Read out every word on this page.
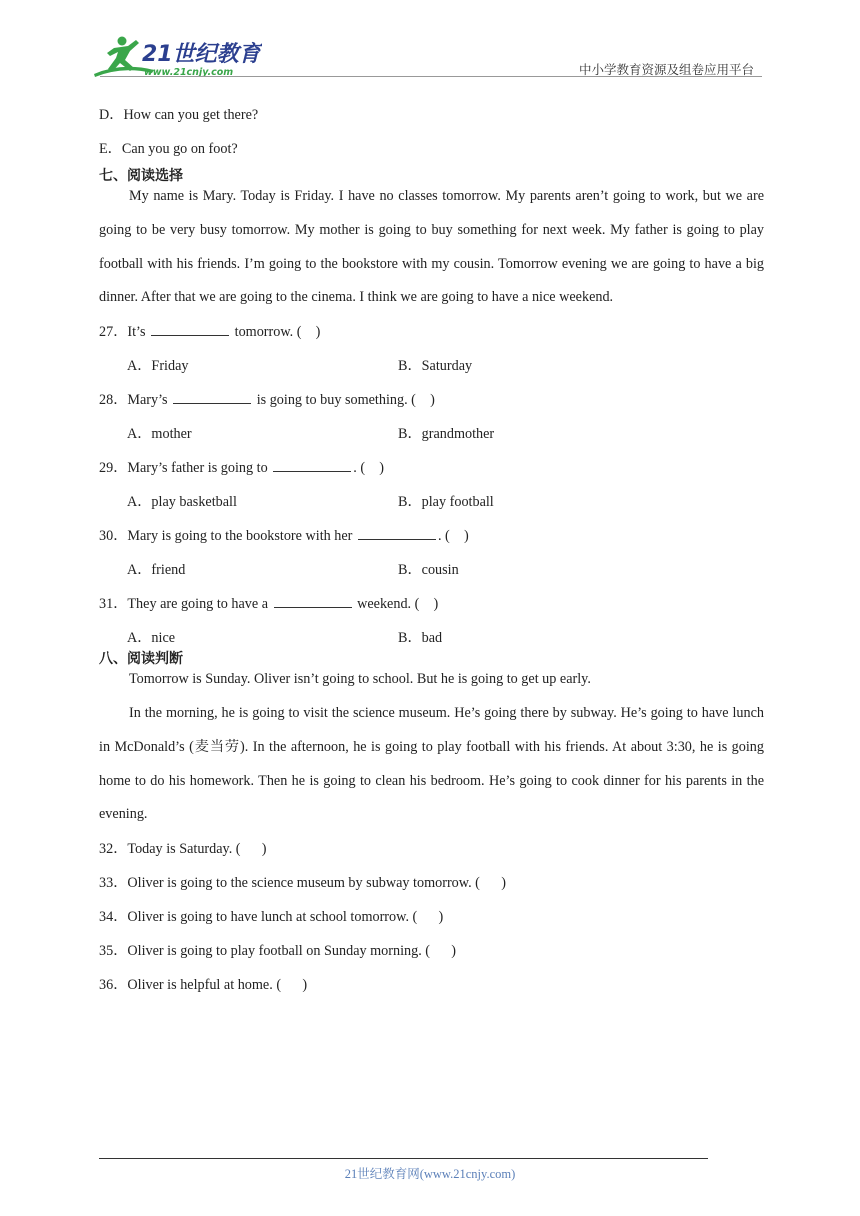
21世纪教育
www.21cnjy.com	中小学教育资源及组卷应用平台
D．How can you get there?
E．Can you go on foot?
七、阅读选择

My name is Mary. Today is Friday. I have no classes tomorrow. My parents aren’t going to work, but we are going to be very busy tomorrow. My mother is going to buy something for next week. My father is going to play football with his friends. I’m going to the bookstore with my cousin. Tomorrow evening we are going to have a big dinner. After that we are going to the cinema. I think we are going to have a nice weekend.

27．It’s	tomorrow. (    )
A．Friday	B．Saturday
28．Mary’s	is going to buy something. (    )
A．mother	B．grandmother
29．Mary’s father is going to	. (    )
A．play basketball	B．play football
30．Mary is going to the bookstore with her	. (    )
A．friend	B．cousin
31．They are going to have a	weekend. (    )
A．nice	B．bad
八、阅读判断

Tomorrow is Sunday. Oliver isn’t going to school. But he is going to get up early.

In the morning, he is going to visit the science museum. He’s going there by subway. He’s going to have lunch in McDonald’s (麦当劳). In the afternoon, he is going to play football with his friends. At about 3:30, he is going home to do his homework. Then he is going to clean his bedroom. He’s going to cook dinner for his parents in the evening.

32．Today is Saturday. (      )
33．Oliver is going to the science museum by subway tomorrow. (      )
34．Oliver is going to have lunch at school tomorrow. (      )
35．Oliver is going to play football on Sunday morning. (      )
36．Oliver is helpful at home. (      )
21世纪教育网(www.21cnjy.com)
